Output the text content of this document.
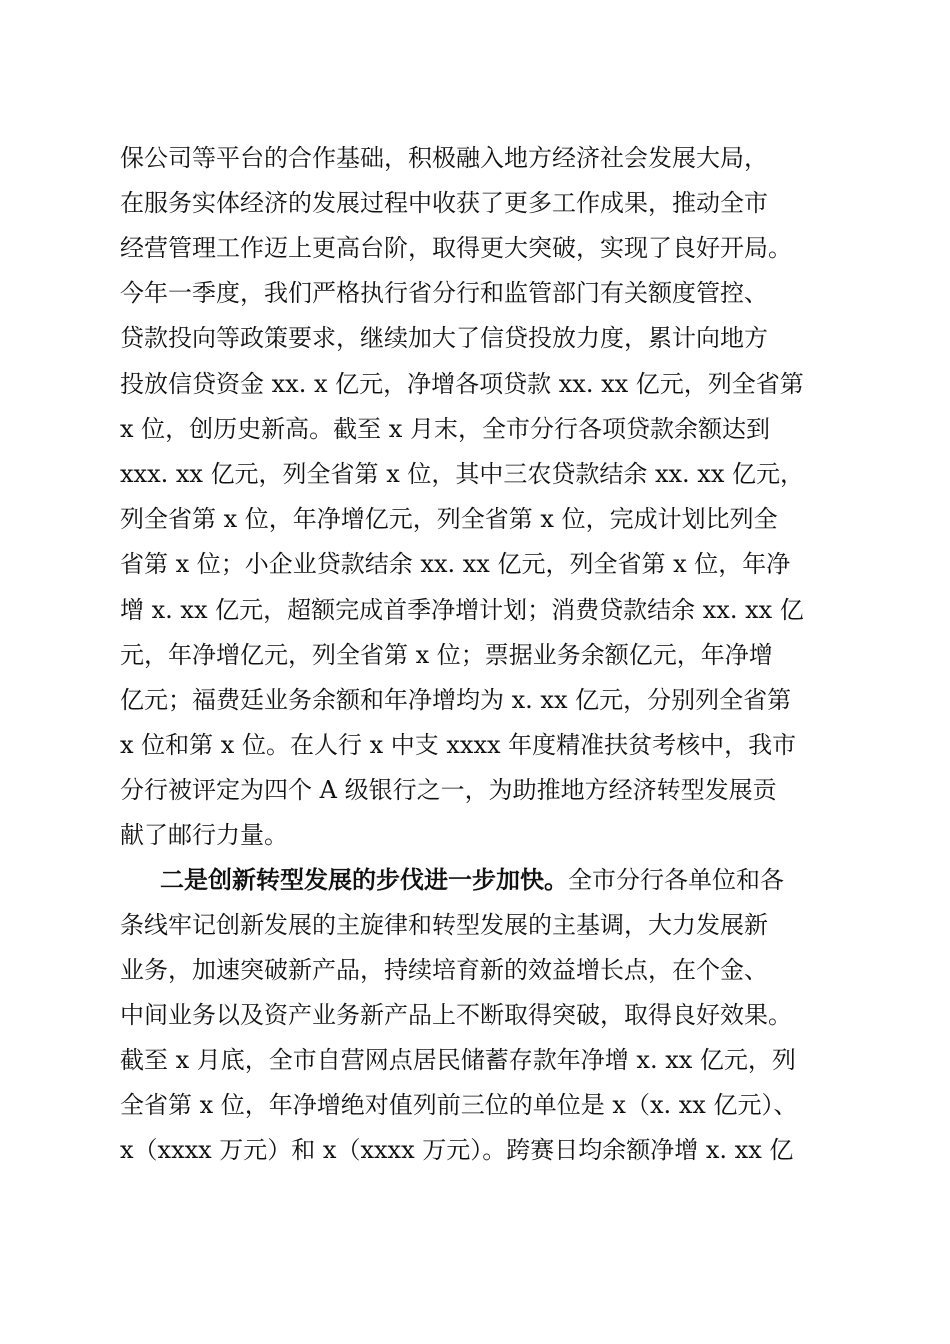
保公司等平台的合作基础，积极融入地方经济社会发展大局，
在服务实体经济的发展过程中收获了更多工作成果，推动全市
经营管理工作迈上更高台阶，取得更大突破，实现了良好开局。
今年一季度，我们严格执行省分行和监管部门有关额度管控、
贷款投向等政策要求，继续加大了信贷投放力度，累计向地方
投放信贷资金 xx. x 亿元，净增各项贷款 xx. xx 亿元，列全省第
x 位，创历史新高。截至 x 月末，全市分行各项贷款余额达到
xxx. xx 亿元，列全省第 x 位，其中三农贷款结余 xx. xx 亿元，
列全省第 x 位，年净增亿元，列全省第 x 位，完成计划比列全
省第 x 位；小企业贷款结余 xx. xx 亿元，列全省第 x 位，年净
增 x. xx 亿元，超额完成首季净增计划；消费贷款结余 xx. xx 亿
元，年净增亿元，列全省第 x 位；票据业务余额亿元，年净增
亿元；福费廷业务余额和年净增均为 x. xx 亿元，分别列全省第
x 位和第 x 位。在人行 x 中支 xxxx 年度精准扶贫考核中，我市
分行被评定为四个 A 级银行之一，为助推地方经济转型发展贡
献了邮行力量。
二是创新转型发展的步伐进一步加快。全市分行各单位和各
条线牢记创新发展的主旋律和转型发展的主基调，大力发展新
业务，加速突破新产品，持续培育新的效益增长点，在个金、
中间业务以及资产业务新产品上不断取得突破，取得良好效果。
截至 x 月底，全市自营网点居民储蓄存款年净增 x. xx 亿元，列
全省第 x 位，年净增绝对值列前三位的单位是 x（x. xx 亿元）、
x（xxxx 万元）和 x（xxxx 万元）。跨赛日均余额净增 x. xx 亿
